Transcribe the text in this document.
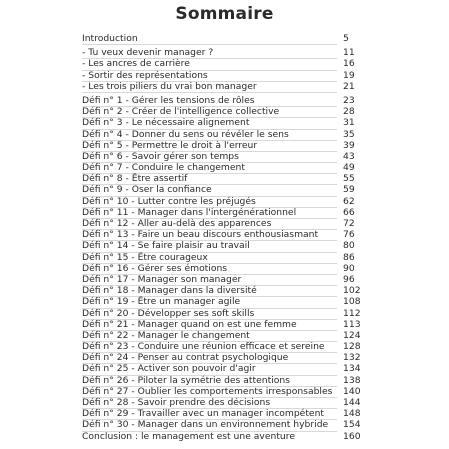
Sommaire
Introduction	5
- Tu veux devenir manager ?	11
- Les ancres de carrière	16
- Sortir des représentations	19
- Les trois piliers du vrai bon manager	21
Défi n° 1 - Gérer les tensions de rôles	23
Défi n° 2 - Créer de l'intelligence collective	28
Défi n° 3 - Le nécessaire alignement	31
Défi n° 4 - Donner du sens ou révéler le sens	35
Défi n° 5 - Permettre le droit à l'erreur	39
Défi n° 6 - Savoir gérer son temps	43
Défi n° 7 - Conduire le changement	49
Défi n° 8 - Être assertif	55
Défi n° 9 - Oser la confiance	59
Défi n° 10 - Lutter contre les préjugés	62
Défi n° 11 - Manager dans l'intergénérationnel	66
Défi n° 12 - Aller au-delà des apparences	72
Défi n° 13 - Faire un beau discours enthousiasmant	76
Défi n° 14 - Se faire plaisir au travail	80
Défi n° 15 - Être courageux	86
Défi n° 16 - Gérer ses émotions	90
Défi n° 17 - Manager son manager	96
Défi n° 18 - Manager dans la diversité	102
Défi n° 19 - Être un manager agile	108
Défi n° 20 - Développer ses soft skills	112
Défi n° 21 - Manager quand on est une femme	113
Défi n° 22 - Manager le changement	124
Défi n° 23 - Conduire une réunion efficace et sereine	128
Défi n° 24 - Penser au contrat psychologique	132
Défi n° 25 - Activer son pouvoir d'agir	134
Défi n° 26 - Piloter la symétrie des attentions	138
Défi n° 27 - Oublier les comportements irresponsables	140
Défi n° 28 - Savoir prendre des décisions	144
Défi n° 29 - Travailler avec un manager incompétent	148
Défi n° 30 - Manager dans un environnement hybride	154
Conclusion : le management est une aventure	160
